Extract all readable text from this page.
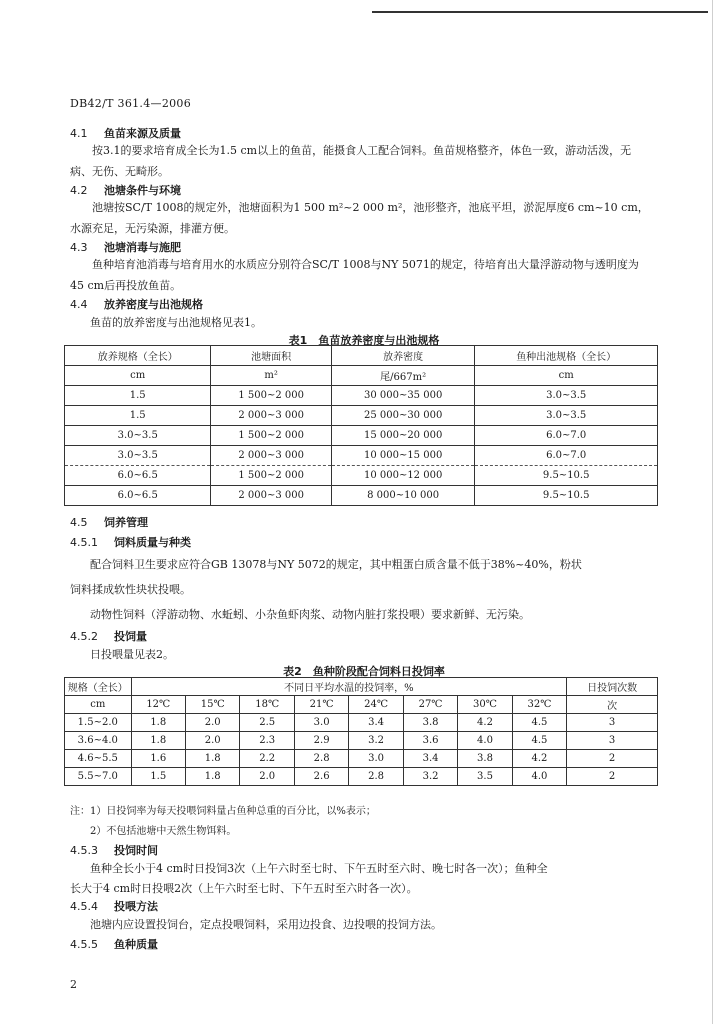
DB42/T 361.4—2006
4.1 鱼苗来源及质量
按3.1的要求培育成全长为1.5 cm以上的鱼苗，能摄食人工配合饲料。鱼苗规格整齐，体色一致，游动活泼，无病、无伤、无畸形。
4.2 池塘条件与环境
池塘按SC/T 1008的规定外，池塘面积为1 500 m²~2 000 m²，池形整齐，池底平坦，淤泥厚度6 cm~10 cm，水源充足，无污染源，排灌方便。
4.3 池塘消毒与施肥
鱼种培育池消毒与培育用水的水质应分别符合SC/T 1008与NY 5071的规定，待培育出大量浮游动物与透明度为45 cm后再投放鱼苗。
4.4 放养密度与出池规格
鱼苗的放养密度与出池规格见表1。
表1　鱼苗放养密度与出池规格
放养规格（全长）	池塘面积	放养密度	鱼种出池规格（全长）
cm	m²	尾/667m²	cm
1.5	1 500~2 000	30 000~35 000	3.0~3.5
1.5	2 000~3 000	25 000~30 000	3.0~3.5
3.0~3.5	1 500~2 000	15 000~20 000	6.0~7.0
3.0~3.5	2 000~3 000	10 000~15 000	6.0~7.0
6.0~6.5	1 500~2 000	10 000~12 000	9.5~10.5
6.0~6.5	2 000~3 000	8 000~10 000	9.5~10.5
4.5 饲养管理
4.5.1 饲料质量与种类
配合饲料卫生要求应符合GB 13078与NY 5072的规定，其中粗蛋白质含量不低于38%~40%，粉状
饲料揉成软性块状投喂。
动物性饲料（浮游动物、水蚯蚓、小杂鱼虾肉浆、动物内脏打浆投喂）要求新鲜、无污染。
4.5.2 投饲量
日投喂量见表2。
表2　鱼种阶段配合饲料日投饲率
规格（全长）	不同日平均水温的投饲率，%								日投饲次数
cm	12℃	15℃	18℃	21℃	24℃	27℃	30℃	32℃	次
1.5~2.0	1.8	2.0	2.5	3.0	3.4	3.8	4.2	4.5	3
3.6~4.0	1.8	2.0	2.3	2.9	3.2	3.6	4.0	4.5	3
4.6~5.5	1.6	1.8	2.2	2.8	3.0	3.4	3.8	4.2	2
5.5~7.0	1.5	1.8	2.0	2.6	2.8	3.2	3.5	4.0	2
注：1）日投饲率为每天投喂饲料量占鱼种总重的百分比，以%表示；
2）不包括池塘中天然生物饵料。
4.5.3 投饲时间
鱼种全长小于4 cm时日投饲3次（上午六时至七时、下午五时至六时、晚七时各一次）；鱼种全
长大于4 cm时日投喂2次（上午六时至七时、下午五时至六时各一次）。
4.5.4 投喂方法
池塘内应设置投饲台，定点投喂饲料，采用边投食、边投喂的投饲方法。
4.5.5 鱼种质量
2
